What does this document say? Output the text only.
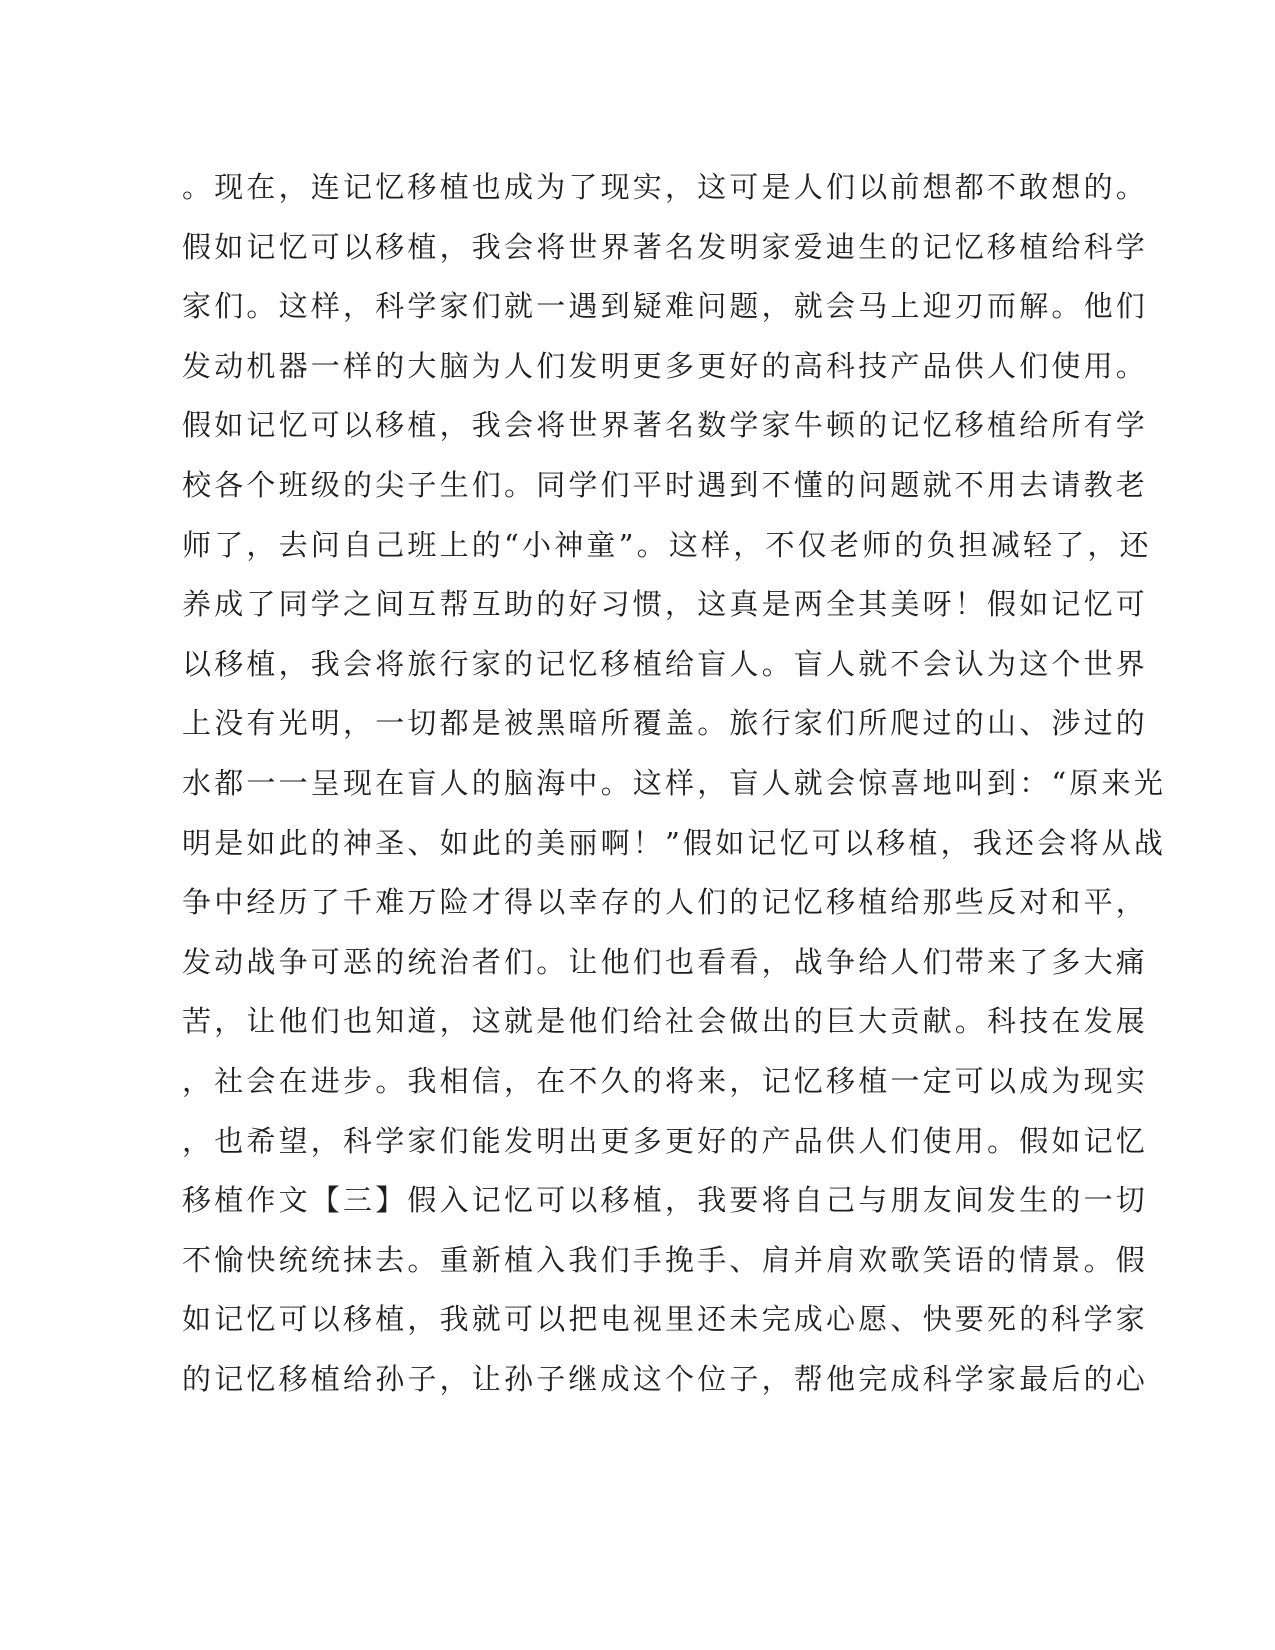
。现在，连记忆移植也成为了现实，这可是人们以前想都不敢想的。
假如记忆可以移植，我会将世界著名发明家爱迪生的记忆移植给科学
家们。这样，科学家们就一遇到疑难问题，就会马上迎刃而解。他们
发动机器一样的大脑为人们发明更多更好的高科技产品供人们使用。
假如记忆可以移植，我会将世界著名数学家牛顿的记忆移植给所有学
校各个班级的尖子生们。同学们平时遇到不懂的问题就不用去请教老
师了，去问自己班上的“小神童”。这样，不仅老师的负担减轻了，还
养成了同学之间互帮互助的好习惯，这真是两全其美呀！假如记忆可
以移植，我会将旅行家的记忆移植给盲人。盲人就不会认为这个世界
上没有光明，一切都是被黑暗所覆盖。旅行家们所爬过的山、涉过的
水都一一呈现在盲人的脑海中。这样，盲人就会惊喜地叫到：“原来光
明是如此的神圣、如此的美丽啊！”假如记忆可以移植，我还会将从战
争中经历了千难万险才得以幸存的人们的记忆移植给那些反对和平，
发动战争可恶的统治者们。让他们也看看，战争给人们带来了多大痛
苦，让他们也知道，这就是他们给社会做出的巨大贡献。科技在发展
，社会在进步。我相信，在不久的将来，记忆移植一定可以成为现实
，也希望，科学家们能发明出更多更好的产品供人们使用。假如记忆
移植作文【三】假入记忆可以移植，我要将自己与朋友间发生的一切
不愉快统统抹去。重新植入我们手挽手、肩并肩欢歌笑语的情景。假
如记忆可以移植，我就可以把电视里还未完成心愿、快要死的科学家
的记忆移植给孙子，让孙子继成这个位子，帮他完成科学家最后的心
